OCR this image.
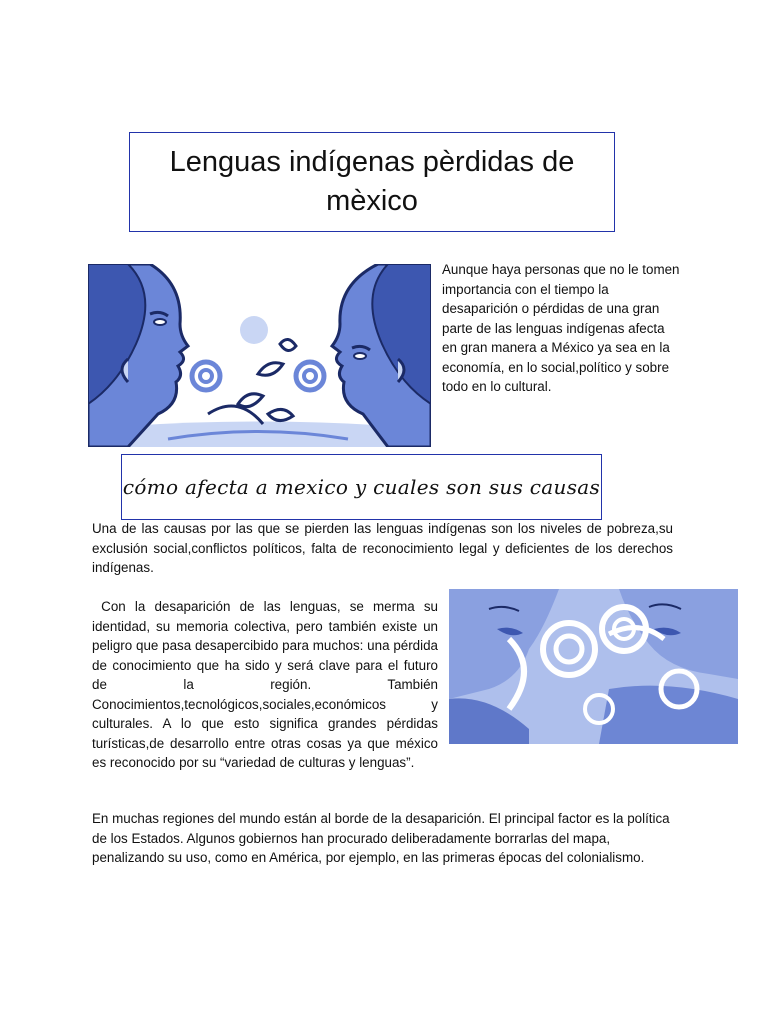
Lenguas indígenas pèrdidas de mèxico

Aunque haya personas que no le tomen importancia con el tiempo la desaparición o pérdidas de una gran parte de las lenguas indígenas afecta en gran manera a México ya sea en la economía, en lo social,político y sobre todo en lo cultural.

cómo afecta a mexico y cuales son sus causas

Una de las causas por las que se pierden las lenguas indígenas son los niveles de pobreza,su exclusión social,conflictos políticos, falta de reconocimiento legal y deficientes de los derechos indígenas.

Con la desaparición de las lenguas, se merma su identidad, su memoria colectiva, pero también existe un peligro que pasa desapercibido para muchos: una pérdida de conocimiento que ha sido y será clave para el futuro de la región. También Conocimientos,tecnológicos,sociales,económicos y culturales. A lo que esto significa grandes pérdidas turísticas,de desarrollo entre otras cosas ya que méxico es reconocido por su “variedad de culturas y lenguas”.

En muchas regiones del mundo están al borde de la desaparición. El principal factor es la política de los Estados. Algunos gobiernos han procurado deliberadamente borrarlas del mapa, penalizando su uso, como en América, por ejemplo, en las primeras épocas del colonialismo.
